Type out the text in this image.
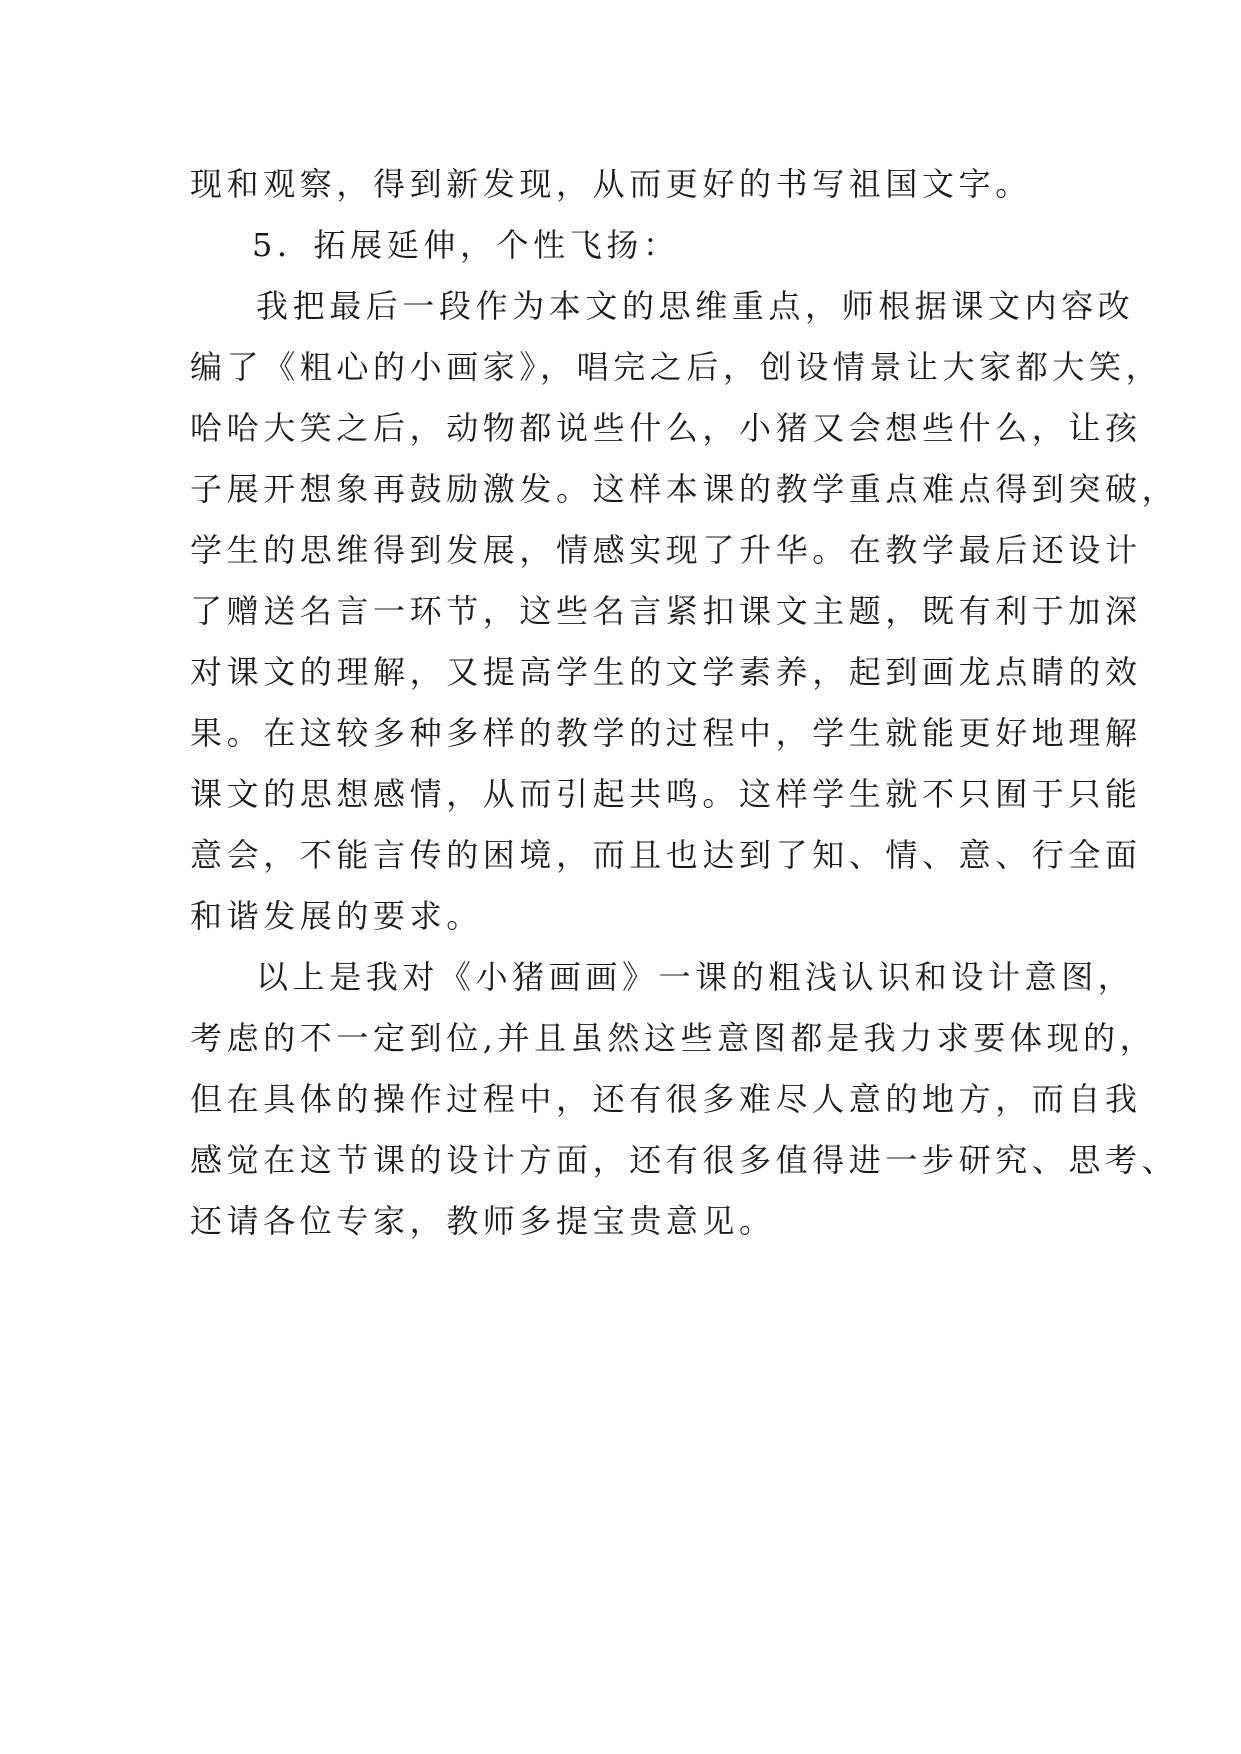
现和观察，得到新发现，从而更好的书写祖国文字。
5．拓展延伸，个性飞扬：
我把最后一段作为本文的思维重点，师根据课文内容改
编了《粗心的小画家》，唱完之后，创设情景让大家都大笑，
哈哈大笑之后，动物都说些什么，小猪又会想些什么，让孩
子展开想象再鼓励激发。这样本课的教学重点难点得到突破，
学生的思维得到发展，情感实现了升华。在教学最后还设计
了赠送名言一环节，这些名言紧扣课文主题，既有利于加深
对课文的理解，又提高学生的文学素养，起到画龙点睛的效
果。在这较多种多样的教学的过程中，学生就能更好地理解
课文的思想感情，从而引起共鸣。这样学生就不只囿于只能
意会，不能言传的困境，而且也达到了知、情、意、行全面
和谐发展的要求。
以上是我对《小猪画画》一课的粗浅认识和设计意图，
考虑的不一定到位,并且虽然这些意图都是我力求要体现的，
但在具体的操作过程中，还有很多难尽人意的地方，而自我
感觉在这节课的设计方面，还有很多值得进一步研究、思考、
还请各位专家，教师多提宝贵意见。
